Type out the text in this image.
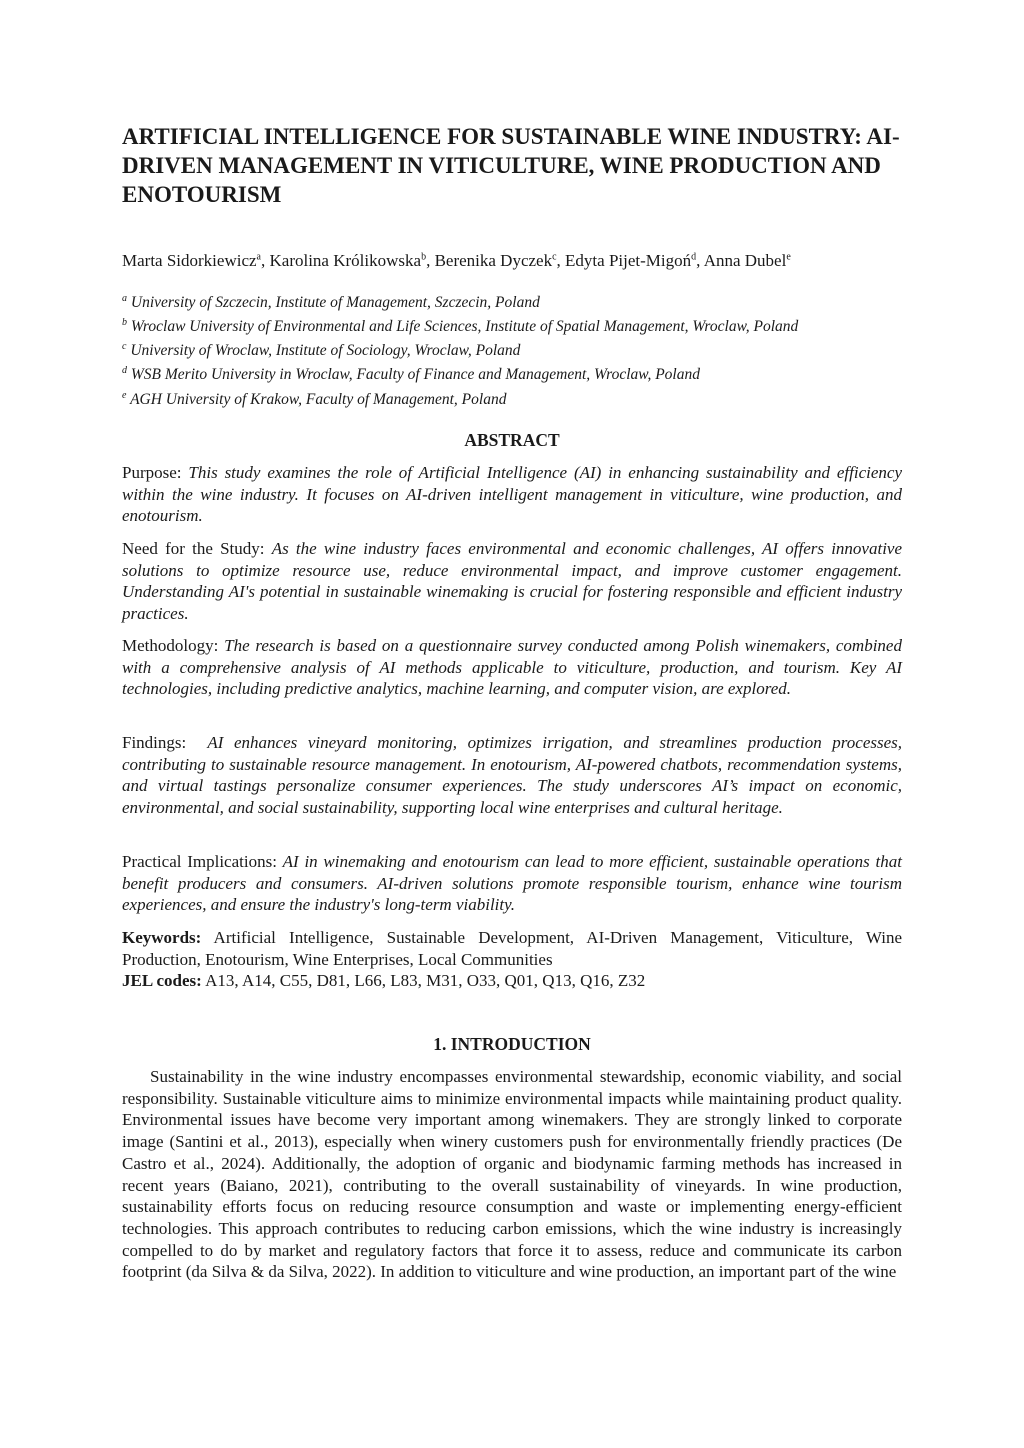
ARTIFICIAL INTELLIGENCE FOR SUSTAINABLE WINE INDUSTRY: AI-DRIVEN MANAGEMENT IN VITICULTURE, WINE PRODUCTION AND ENOTOURISM
Marta Sidorkiewicz$^a$, Karolina Królikowska$^b$, Berenika Dyczek$^c$, Edyta Pijet-Migoń$^d$, Anna Dubel$^e$
$^a$ University of Szczecin, Institute of Management, Szczecin, Poland
$^b$ Wroclaw University of Environmental and Life Sciences, Institute of Spatial Management, Wroclaw, Poland
$^c$ University of Wroclaw, Institute of Sociology, Wroclaw, Poland
$^d$ WSB Merito University in Wroclaw, Faculty of Finance and Management, Wroclaw, Poland
$^e$ AGH University of Krakow, Faculty of Management, Poland
ABSTRACT
Purpose: This study examines the role of Artificial Intelligence (AI) in enhancing sustainability and efficiency within the wine industry. It focuses on AI-driven intelligent management in viticulture, wine production, and enotourism.
Need for the Study: As the wine industry faces environmental and economic challenges, AI offers innovative solutions to optimize resource use, reduce environmental impact, and improve customer engagement. Understanding AI's potential in sustainable winemaking is crucial for fostering responsible and efficient industry practices.
Methodology: The research is based on a questionnaire survey conducted among Polish winemakers, combined with a comprehensive analysis of AI methods applicable to viticulture, production, and tourism. Key AI technologies, including predictive analytics, machine learning, and computer vision, are explored.
Findings:  AI enhances vineyard monitoring, optimizes irrigation, and streamlines production processes, contributing to sustainable resource management. In enotourism, AI-powered chatbots, recommendation systems, and virtual tastings personalize consumer experiences. The study underscores AI’s impact on economic, environmental, and social sustainability, supporting local wine enterprises and cultural heritage.
Practical Implications: AI in winemaking and enotourism can lead to more efficient, sustainable operations that benefit producers and consumers. AI-driven solutions promote responsible tourism, enhance wine tourism experiences, and ensure the industry's long-term viability.
Keywords: Artificial Intelligence, Sustainable Development, AI-Driven Management, Viticulture, Wine Production, Enotourism, Wine Enterprises, Local Communities
JEL codes: A13, A14, C55, D81, L66, L83, M31, O33, Q01, Q13, Q16, Z32
1. INTRODUCTION
Sustainability in the wine industry encompasses environmental stewardship, economic viability, and social responsibility. Sustainable viticulture aims to minimize environmental impacts while maintaining product quality. Environmental issues have become very important among winemakers. They are strongly linked to corporate image (Santini et al., 2013), especially when winery customers push for environmentally friendly practices (De Castro et al., 2024). Additionally, the adoption of organic and biodynamic farming methods has increased in recent years (Baiano, 2021), contributing to the overall sustainability of vineyards. In wine production, sustainability efforts focus on reducing resource consumption and waste or implementing energy-efficient technologies. This approach contributes to reducing carbon emissions, which the wine industry is increasingly compelled to do by market and regulatory factors that force it to assess, reduce and communicate its carbon footprint (da Silva & da Silva, 2022). In addition to viticulture and wine production, an important part of the wine
